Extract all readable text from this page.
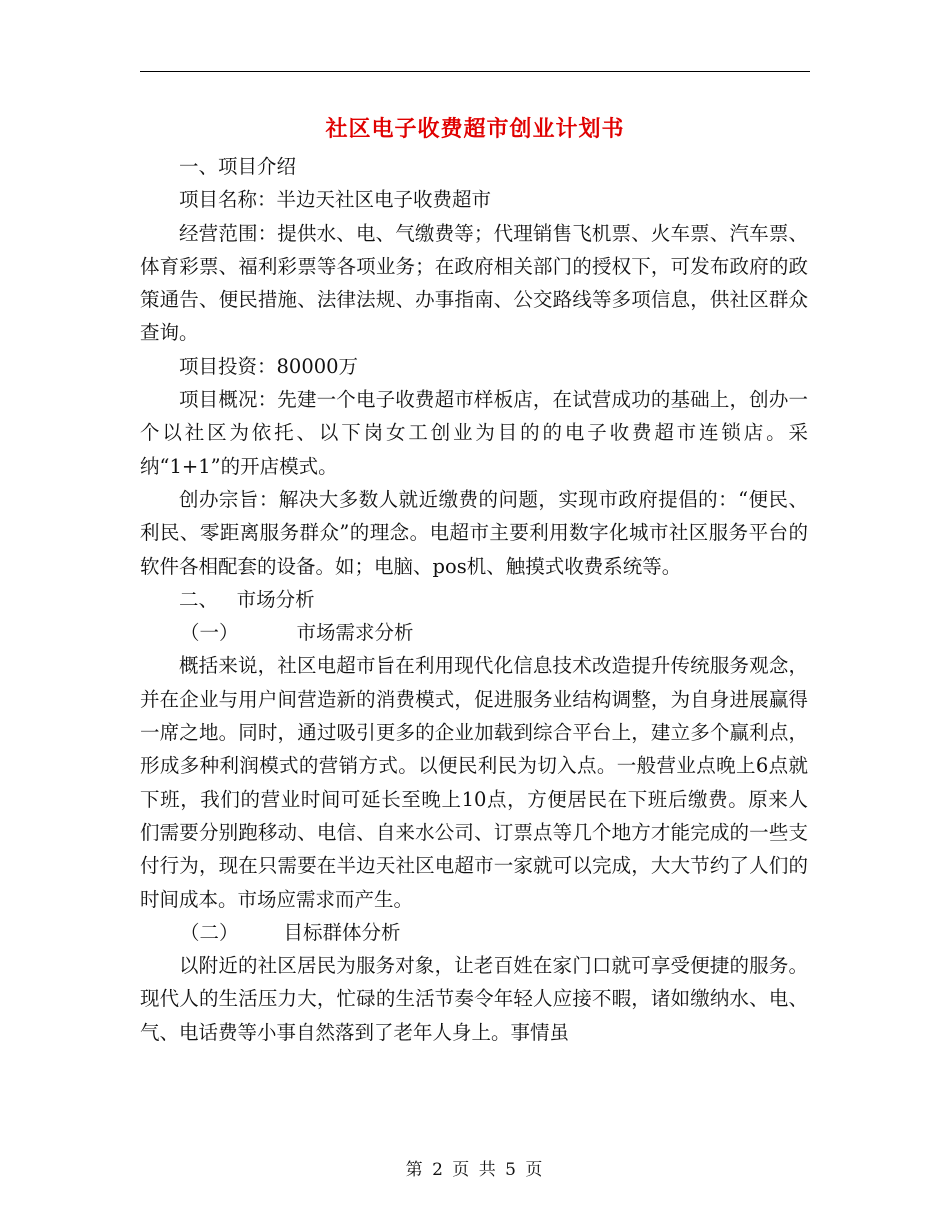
社区电子收费超市创业计划书

一、项目介绍

项目名称：半边天社区电子收费超市

经营范围：提供水、电、气缴费等；代理销售飞机票、火车票、汽车票、体育彩票、福利彩票等各项业务；在政府相关部门的授权下，可发布政府的政策通告、便民措施、法律法规、办事指南、公交路线等多项信息，供社区群众查询。

项目投资：80000万

项目概况：先建一个电子收费超市样板店，在试营成功的基础上，创办一个以社区为依托、以下岗女工创业为目的的电子收费超市连锁店。采纳“1+1”的开店模式。

创办宗旨：解决大多数人就近缴费的问题，实现市政府提倡的：“便民、利民、零距离服务群众”的理念。电超市主要利用数字化城市社区服务平台的软件各相配套的设备。如；电脑、pos机、触摸式收费系统等。

二、 市场分析

（一）	市场需求分析

概括来说，社区电超市旨在利用现代化信息技术改造提升传统服务观念，并在企业与用户间营造新的消费模式，促进服务业结构调整，为自身进展赢得一席之地。同时，通过吸引更多的企业加载到综合平台上，建立多个赢利点，形成多种利润模式的营销方式。以便民利民为切入点。一般营业点晚上6点就下班，我们的营业时间可延长至晚上10点，方便居民在下班后缴费。原来人们需要分别跑移动、电信、自来水公司、订票点等几个地方才能完成的一些支付行为，现在只需要在半边天社区电超市一家就可以完成，大大节约了人们的时间成本。市场应需求而产生。

（二） 目标群体分析

以附近的社区居民为服务对象，让老百姓在家门口就可享受便捷的服务。现代人的生活压力大，忙碌的生活节奏令年轻人应接不暇，诸如缴纳水、电、气、电话费等小事自然落到了老年人身上。事情虽

第 2 页 共 5 页
